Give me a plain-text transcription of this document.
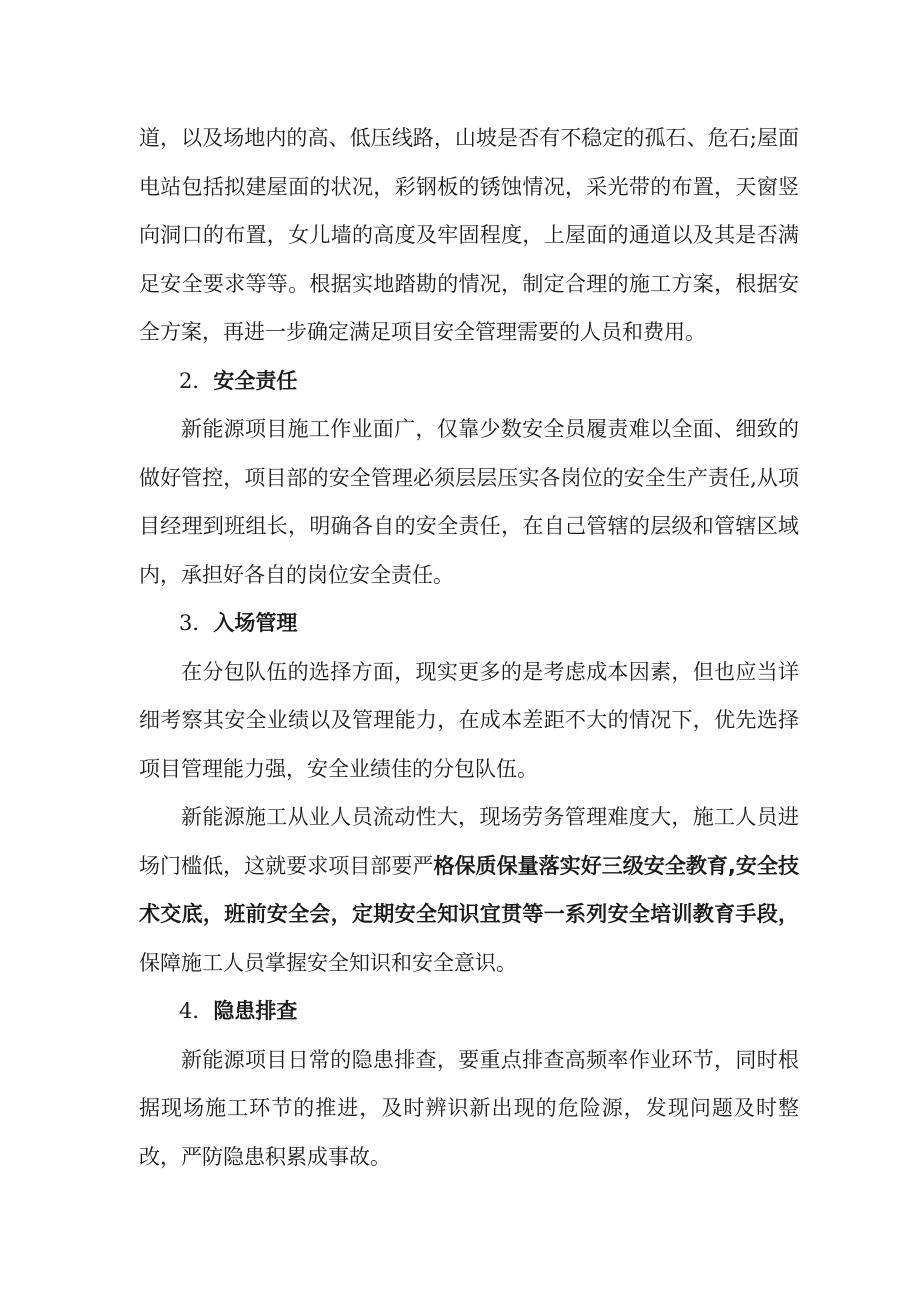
道，以及场地内的高、低压线路，山坡是否有不稳定的孤石、危石;屋面电站包括拟建屋面的状况，彩钢板的锈蚀情况，采光带的布置，天窗竖向洞口的布置，女儿墙的高度及牢固程度，上屋面的通道以及其是否满足安全要求等等。根据实地踏勘的情况，制定合理的施工方案，根据安全方案，再进一步确定满足项目安全管理需要的人员和费用。

2．安全责任

新能源项目施工作业面广，仅靠少数安全员履责难以全面、细致的做好管控，项目部的安全管理必须层层压实各岗位的安全生产责任,从项目经理到班组长，明确各自的安全责任，在自己管辖的层级和管辖区域内，承担好各自的岗位安全责任。

3．入场管理

在分包队伍的选择方面，现实更多的是考虑成本因素，但也应当详细考察其安全业绩以及管理能力，在成本差距不大的情况下，优先选择项目管理能力强，安全业绩佳的分包队伍。

新能源施工从业人员流动性大，现场劳务管理难度大，施工人员进场门槛低，这就要求项目部要严格保质保量落实好三级安全教育,安全技术交底，班前安全会，定期安全知识宜贯等一系列安全培训教育手段，保障施工人员掌握安全知识和安全意识。

4．隐患排查

新能源项目日常的隐患排查，要重点排查高频率作业环节，同时根据现场施工环节的推进，及时辨识新出现的危险源，发现问题及时整改，严防隐患积累成事故。
